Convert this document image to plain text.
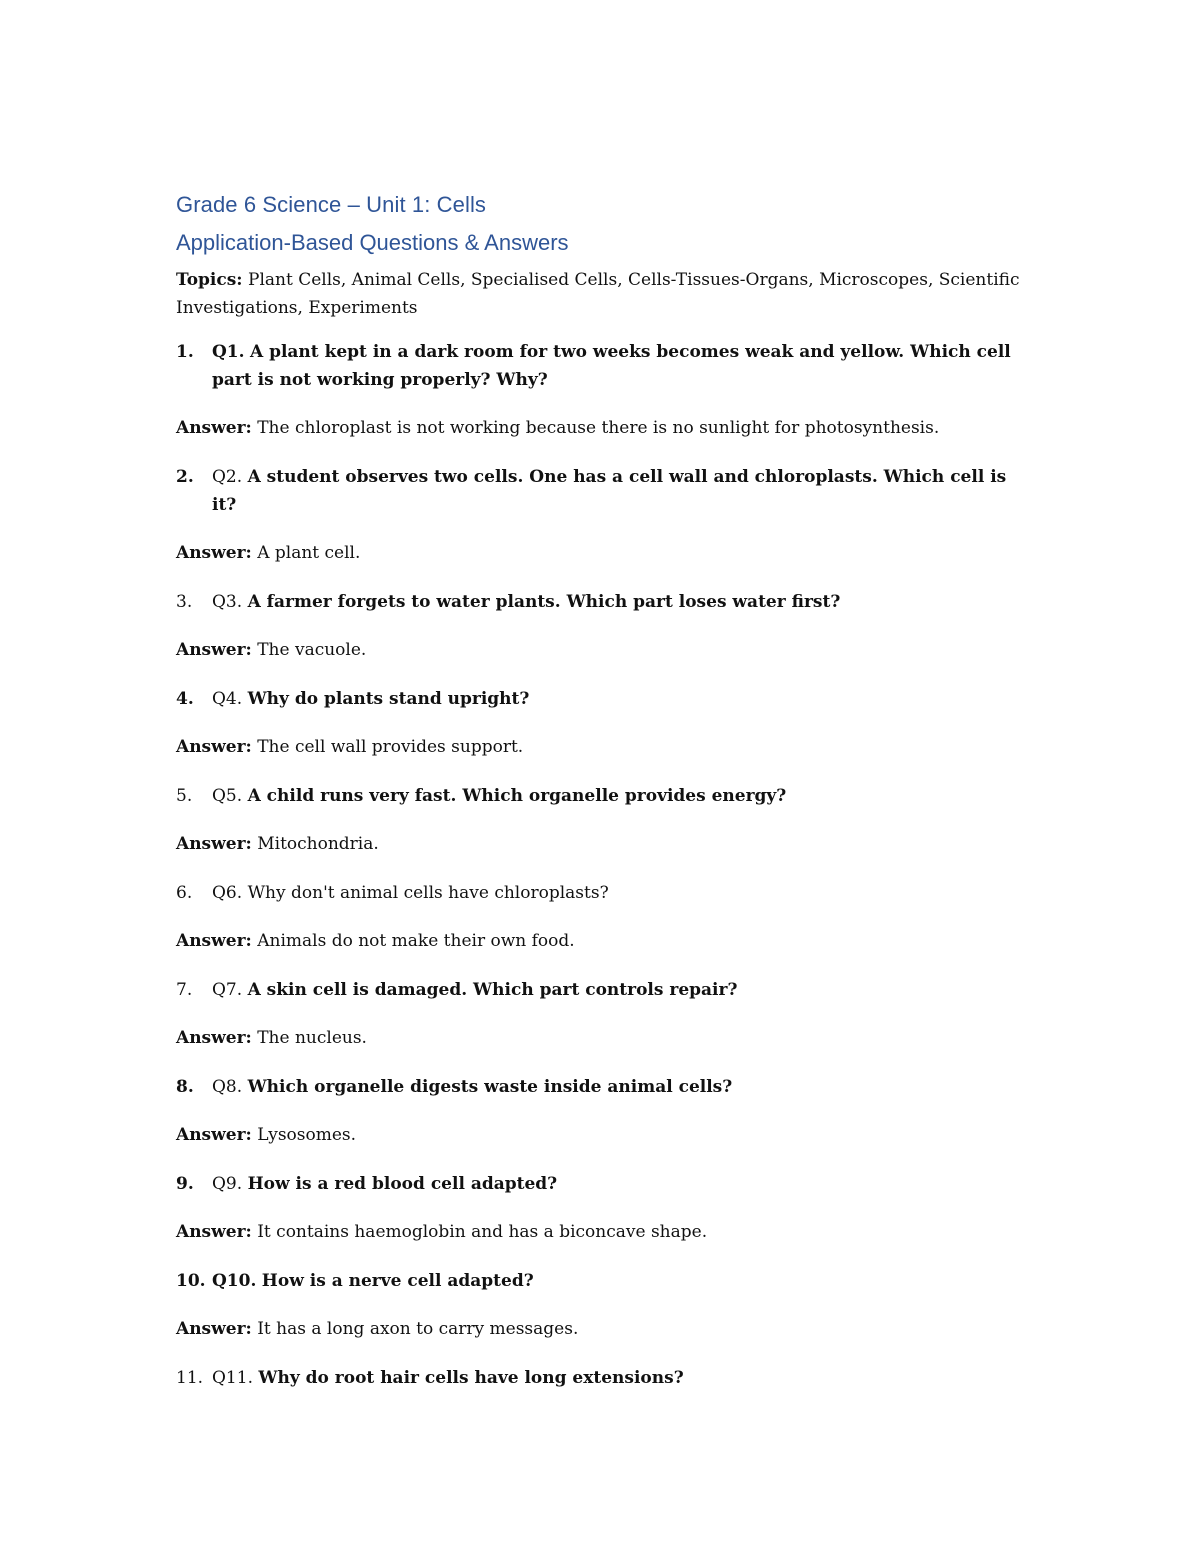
Grade 6 Science – Unit 1: Cells
Application-Based Questions & Answers

Topics: Plant Cells, Animal Cells, Specialised Cells, Cells-Tissues-Organs, Microscopes, Scientific Investigations, Experiments

1.	Q1. A plant kept in a dark room for two weeks becomes weak and yellow. Which cell part is not working properly? Why?

Answer: The chloroplast is not working because there is no sunlight for photosynthesis.

2.	Q2. A student observes two cells. One has a cell wall and chloroplasts. Which cell is it?

Answer: A plant cell.

3.	Q3. A farmer forgets to water plants. Which part loses water first?

Answer: The vacuole.

4.	Q4. Why do plants stand upright?

Answer: The cell wall provides support.

5.	Q5. A child runs very fast. Which organelle provides energy?

Answer: Mitochondria.

6.	Q6. Why don't animal cells have chloroplasts?

Answer: Animals do not make their own food.

7.	Q7. A skin cell is damaged. Which part controls repair?

Answer: The nucleus.

8.	Q8. Which organelle digests waste inside animal cells?

Answer: Lysosomes.

9.	Q9. How is a red blood cell adapted?

Answer: It contains haemoglobin and has a biconcave shape.

10. Q10. How is a nerve cell adapted?

Answer: It has a long axon to carry messages.

11. Q11. Why do root hair cells have long extensions?
